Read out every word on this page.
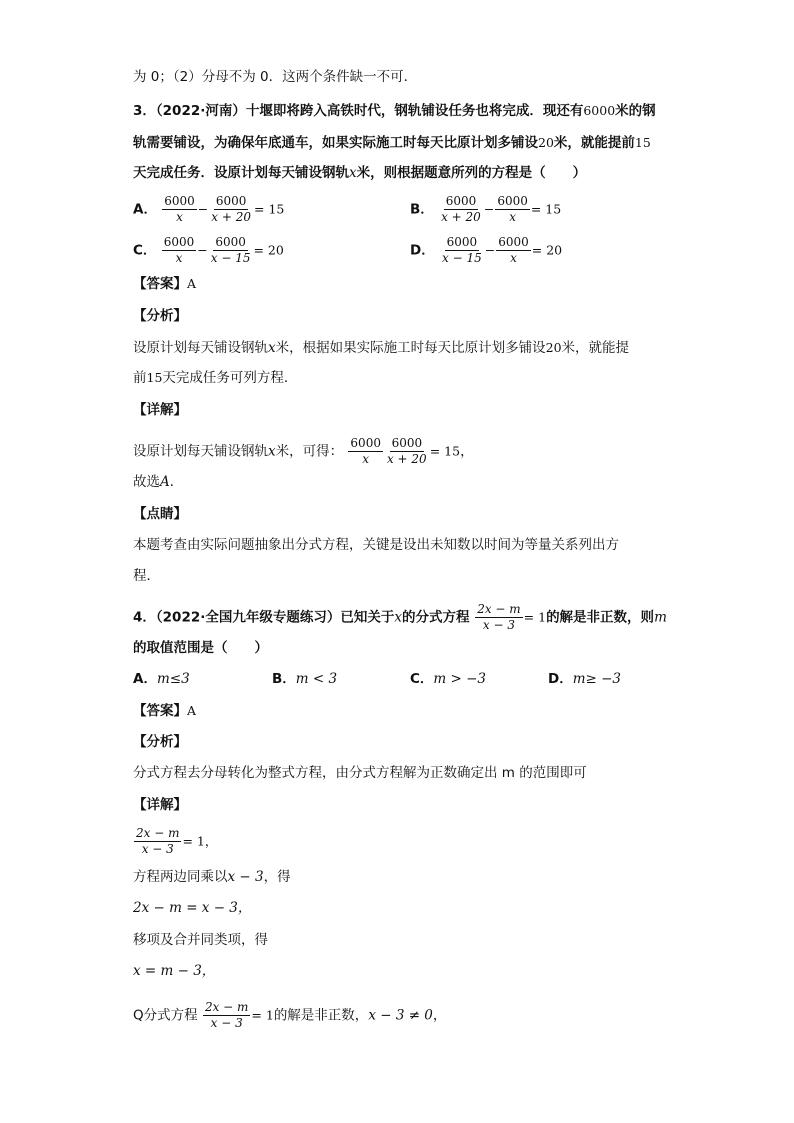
为 0；（2）分母不为 0．这两个条件缺一不可．
3．（2022·河南）十堰即将跨入高铁时代，钢轨铺设任务也将完成．现还有6000米的钢
轨需要铺设，为确保年底通车，如果实际施工时每天比原计划多铺设20米，就能提前15
天完成任务．设原计划每天铺设钢轨x米，则根据题意所列的方程是（　　）
A． $\frac{6000}{x} - \frac{6000}{x + 20} = 15$	B． $\frac{6000}{x + 20} - \frac{6000}{x} = 15$
C． $\frac{6000}{x} - \frac{6000}{x - 15} = 20$	D． $\frac{6000}{x - 15} - \frac{6000}{x} = 20$
【答案】A
【分析】
设原计划每天铺设钢轨x米，根据如果实际施工时每天比原计划多铺设20米，就能提
前15天完成任务可列方程．
【详解】
设原计划每天铺设钢轨x米，可得： $\frac{6000}{x} \frac{6000}{x + 20} = 15$，
故选A．
【点睛】
本题考查由实际问题抽象出分式方程，关键是设出未知数以时间为等量关系列出方
程．
4．（2022·全国九年级专题练习）已知关于x的分式方程 $\frac{2x - m}{x - 3} = 1$的解是非正数，则m
的取值范围是（　　）
A．m≤3	B．m < 3	C．m > −3	D．m≥ −3
【答案】A
【分析】
分式方程去分母转化为整式方程，由分式方程解为正数确定出 m 的范围即可
【详解】
$\frac{2x - m}{x - 3} = 1$，
方程两边同乘以x − 3，得
2x − m = x − 3，
移项及合并同类项，得
x = m − 3，
Q分式方程 $\frac{2x - m}{x - 3} = 1$的解是非正数，x − 3 ≠ 0，
